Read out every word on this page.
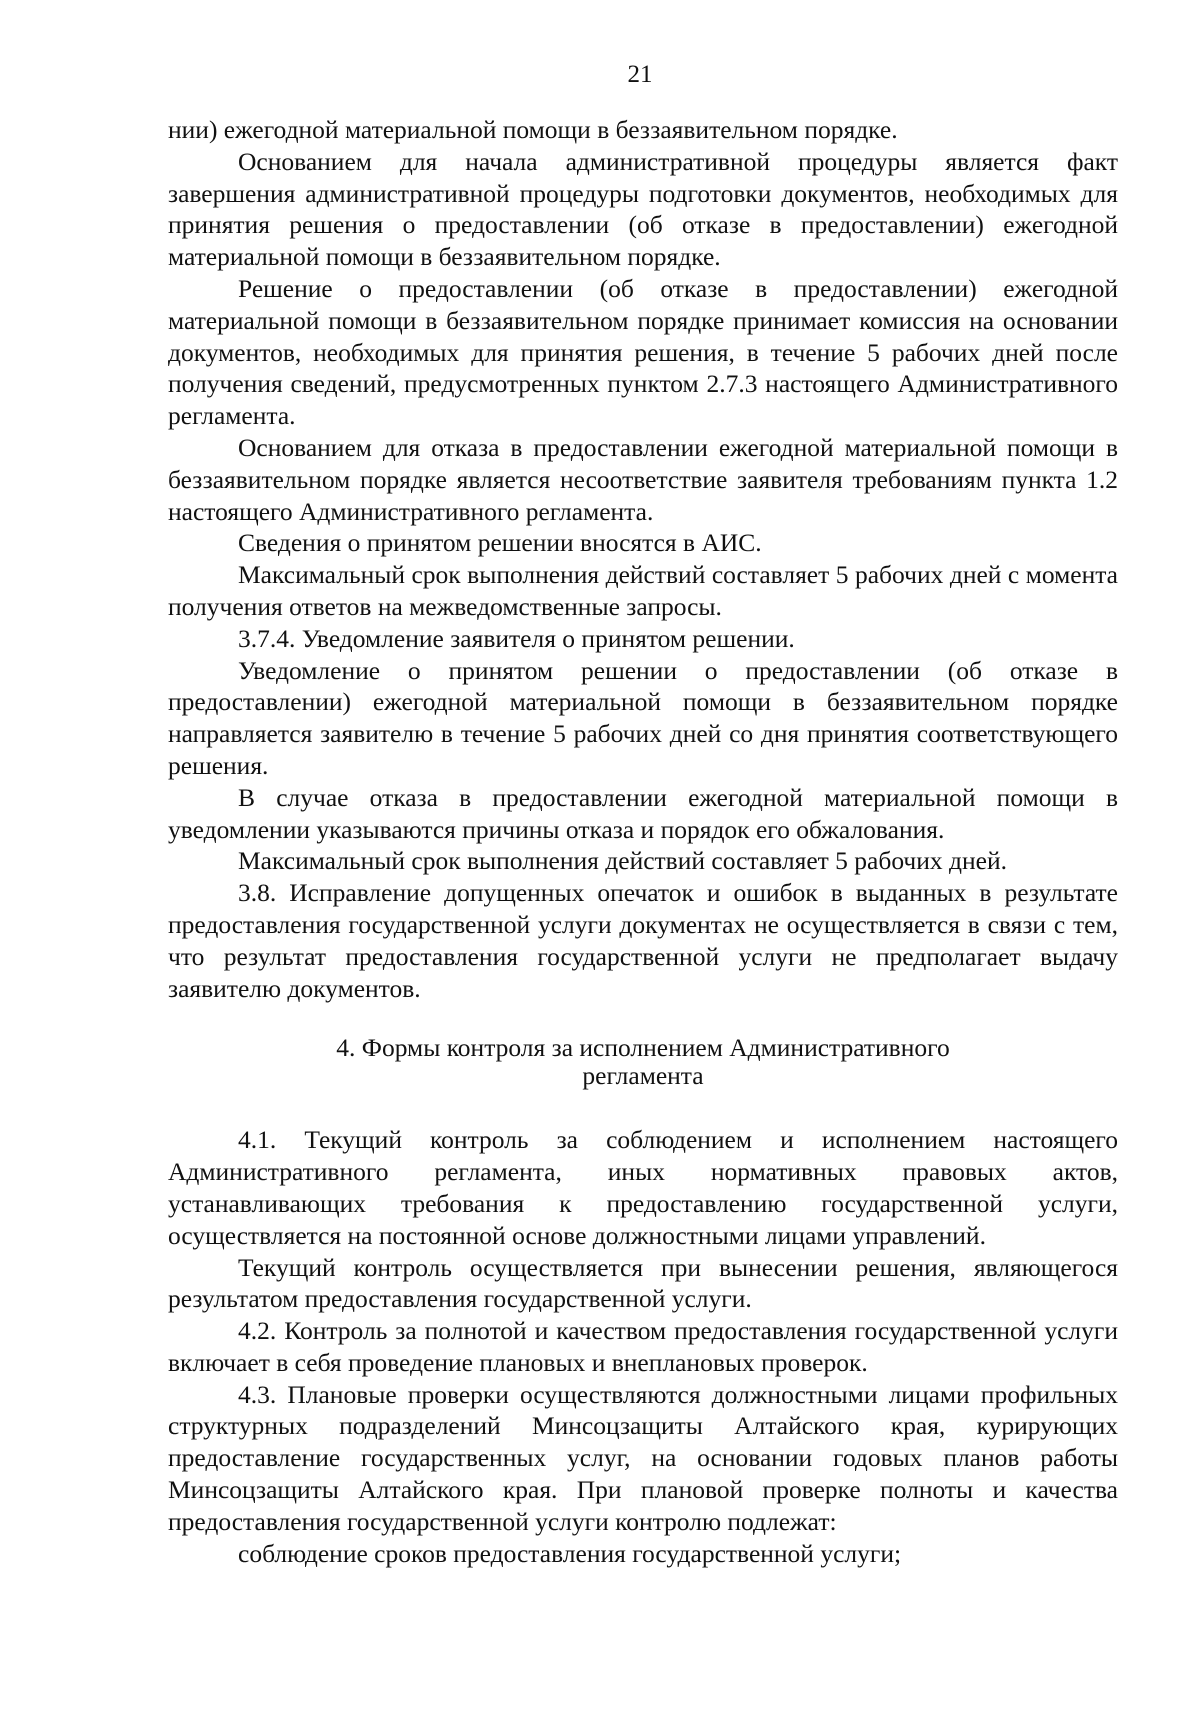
21

нии) ежегодной материальной помощи в беззаявительном порядке.

Основанием для начала административной процедуры является факт завершения административной процедуры подготовки документов, необходимых для принятия решения о предоставлении (об отказе в предоставлении) ежегодной материальной помощи в беззаявительном порядке.

Решение о предоставлении (об отказе в предоставлении) ежегодной материальной помощи в беззаявительном порядке принимает комиссия на основании документов, необходимых для принятия решения, в течение 5 рабочих дней после получения сведений, предусмотренных пунктом 2.7.3 настоящего Административного регламента.

Основанием для отказа в предоставлении ежегодной материальной помощи в беззаявительном порядке является несоответствие заявителя требованиям пункта 1.2 настоящего Административного регламента.

Сведения о принятом решении вносятся в АИС.

Максимальный срок выполнения действий составляет 5 рабочих дней с момента получения ответов на межведомственные запросы.

3.7.4. Уведомление заявителя о принятом решении.

Уведомление о принятом решении о предоставлении (об отказе в предоставлении) ежегодной материальной помощи в беззаявительном порядке направляется заявителю в течение 5 рабочих дней со дня принятия соответствующего решения.

В случае отказа в предоставлении ежегодной материальной помощи в уведомлении указываются причины отказа и порядок его обжалования.

Максимальный срок выполнения действий составляет 5 рабочих дней.

3.8. Исправление допущенных опечаток и ошибок в выданных в результате предоставления государственной услуги документах не осуществляется в связи с тем, что результат предоставления государственной услуги не предполагает выдачу заявителю документов.

4. Формы контроля за исполнением Административного
регламента

4.1. Текущий контроль за соблюдением и исполнением настоящего Административного регламента, иных нормативных правовых актов, устанавливающих требования к предоставлению государственной услуги, осуществляется на постоянной основе должностными лицами управлений.

Текущий контроль осуществляется при вынесении решения, являющегося результатом предоставления государственной услуги.

4.2. Контроль за полнотой и качеством предоставления государственной услуги включает в себя проведение плановых и внеплановых проверок.

4.3. Плановые проверки осуществляются должностными лицами профильных структурных подразделений Минсоцзащиты Алтайского края, курирующих предоставление государственных услуг, на основании годовых планов работы Минсоцзащиты Алтайского края. При плановой проверке полноты и качества предоставления государственной услуги контролю подлежат:

соблюдение сроков предоставления государственной услуги;
